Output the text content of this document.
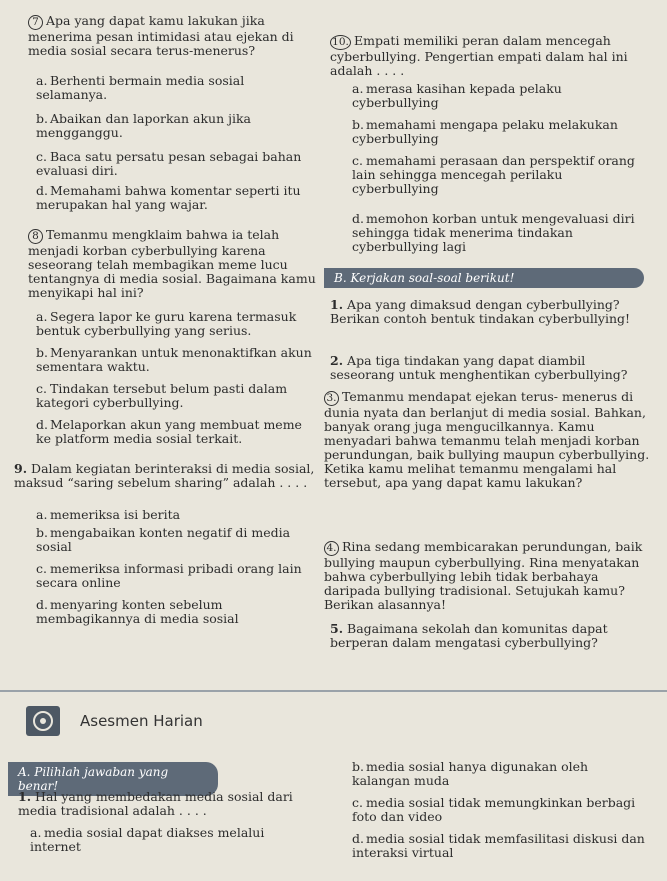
7 Apa yang dapat kamu lakukan jika menerima pesan intimidasi atau ejekan di media sosial secara terus-menerus?
a. Berhenti bermain media sosial selamanya.
b. Abaikan dan laporkan akun jika mengganggu.
c. Baca satu persatu pesan sebagai bahan evaluasi diri.
d. Memahami bahwa komentar seperti itu merupakan hal yang wajar.
8 Temanmu mengklaim bahwa ia telah menjadi korban cyberbullying karena seseorang telah membagikan meme lucu tentangnya di media sosial. Bagaimana kamu menyikapi hal ini?
a. Segera lapor ke guru karena termasuk bentuk cyberbullying yang serius.
b. Menyarankan untuk menonaktifkan akun sementara waktu.
c. Tindakan tersebut belum pasti dalam kategori cyberbullying.
d. Melaporkan akun yang membuat meme ke platform media sosial terkait.
9. Dalam kegiatan berinteraksi di media sosial, maksud “saring sebelum sharing” adalah . . . .
a. memeriksa isi berita
b. mengabaikan konten negatif di media sosial
c. memeriksa informasi pribadi orang lain secara online
d. menyaring konten sebelum membagikannya di media sosial
10. Empati memiliki peran dalam mencegah cyberbullying. Pengertian empati dalam hal ini adalah . . . .
a. merasa kasihan kepada pelaku cyberbullying
b. memahami mengapa pelaku melakukan cyberbullying
c. memahami perasaan dan perspektif orang lain sehingga mencegah perilaku cyberbullying
d. memohon korban untuk mengevaluasi diri sehingga tidak menerima tindakan cyberbullying lagi
B. Kerjakan soal-soal berikut!
1. Apa yang dimaksud dengan cyberbullying? Berikan contoh bentuk tindakan cyberbullying!
2. Apa tiga tindakan yang dapat diambil seseorang untuk menghentikan cyberbullying?
3. Temanmu mendapat ejekan terus- menerus di dunia nyata dan berlanjut di media sosial. Bahkan, banyak orang juga mengucilkannya. Kamu menyadari bahwa temanmu telah menjadi korban perundungan, baik bullying maupun cyberbullying. Ketika kamu melihat temanmu mengalami hal tersebut, apa yang dapat kamu lakukan?
4. Rina sedang membicarakan perundungan, baik bullying maupun cyberbullying. Rina menyatakan bahwa cyberbullying lebih tidak berbahaya daripada bullying tradisional. Setujukah kamu? Berikan alasannya!
5. Bagaimana sekolah dan komunitas dapat berperan dalam mengatasi cyberbullying?
Asesmen Harian
A. Pilihlah jawaban yang benar!
1. Hal yang membedakan media sosial dari media tradisional adalah . . . .
a. media sosial dapat diakses melalui internet
b. media sosial hanya digunakan oleh kalangan muda
c. media sosial tidak memungkinkan berbagi foto dan video
d. media sosial tidak memfasilitasi diskusi dan interaksi virtual
